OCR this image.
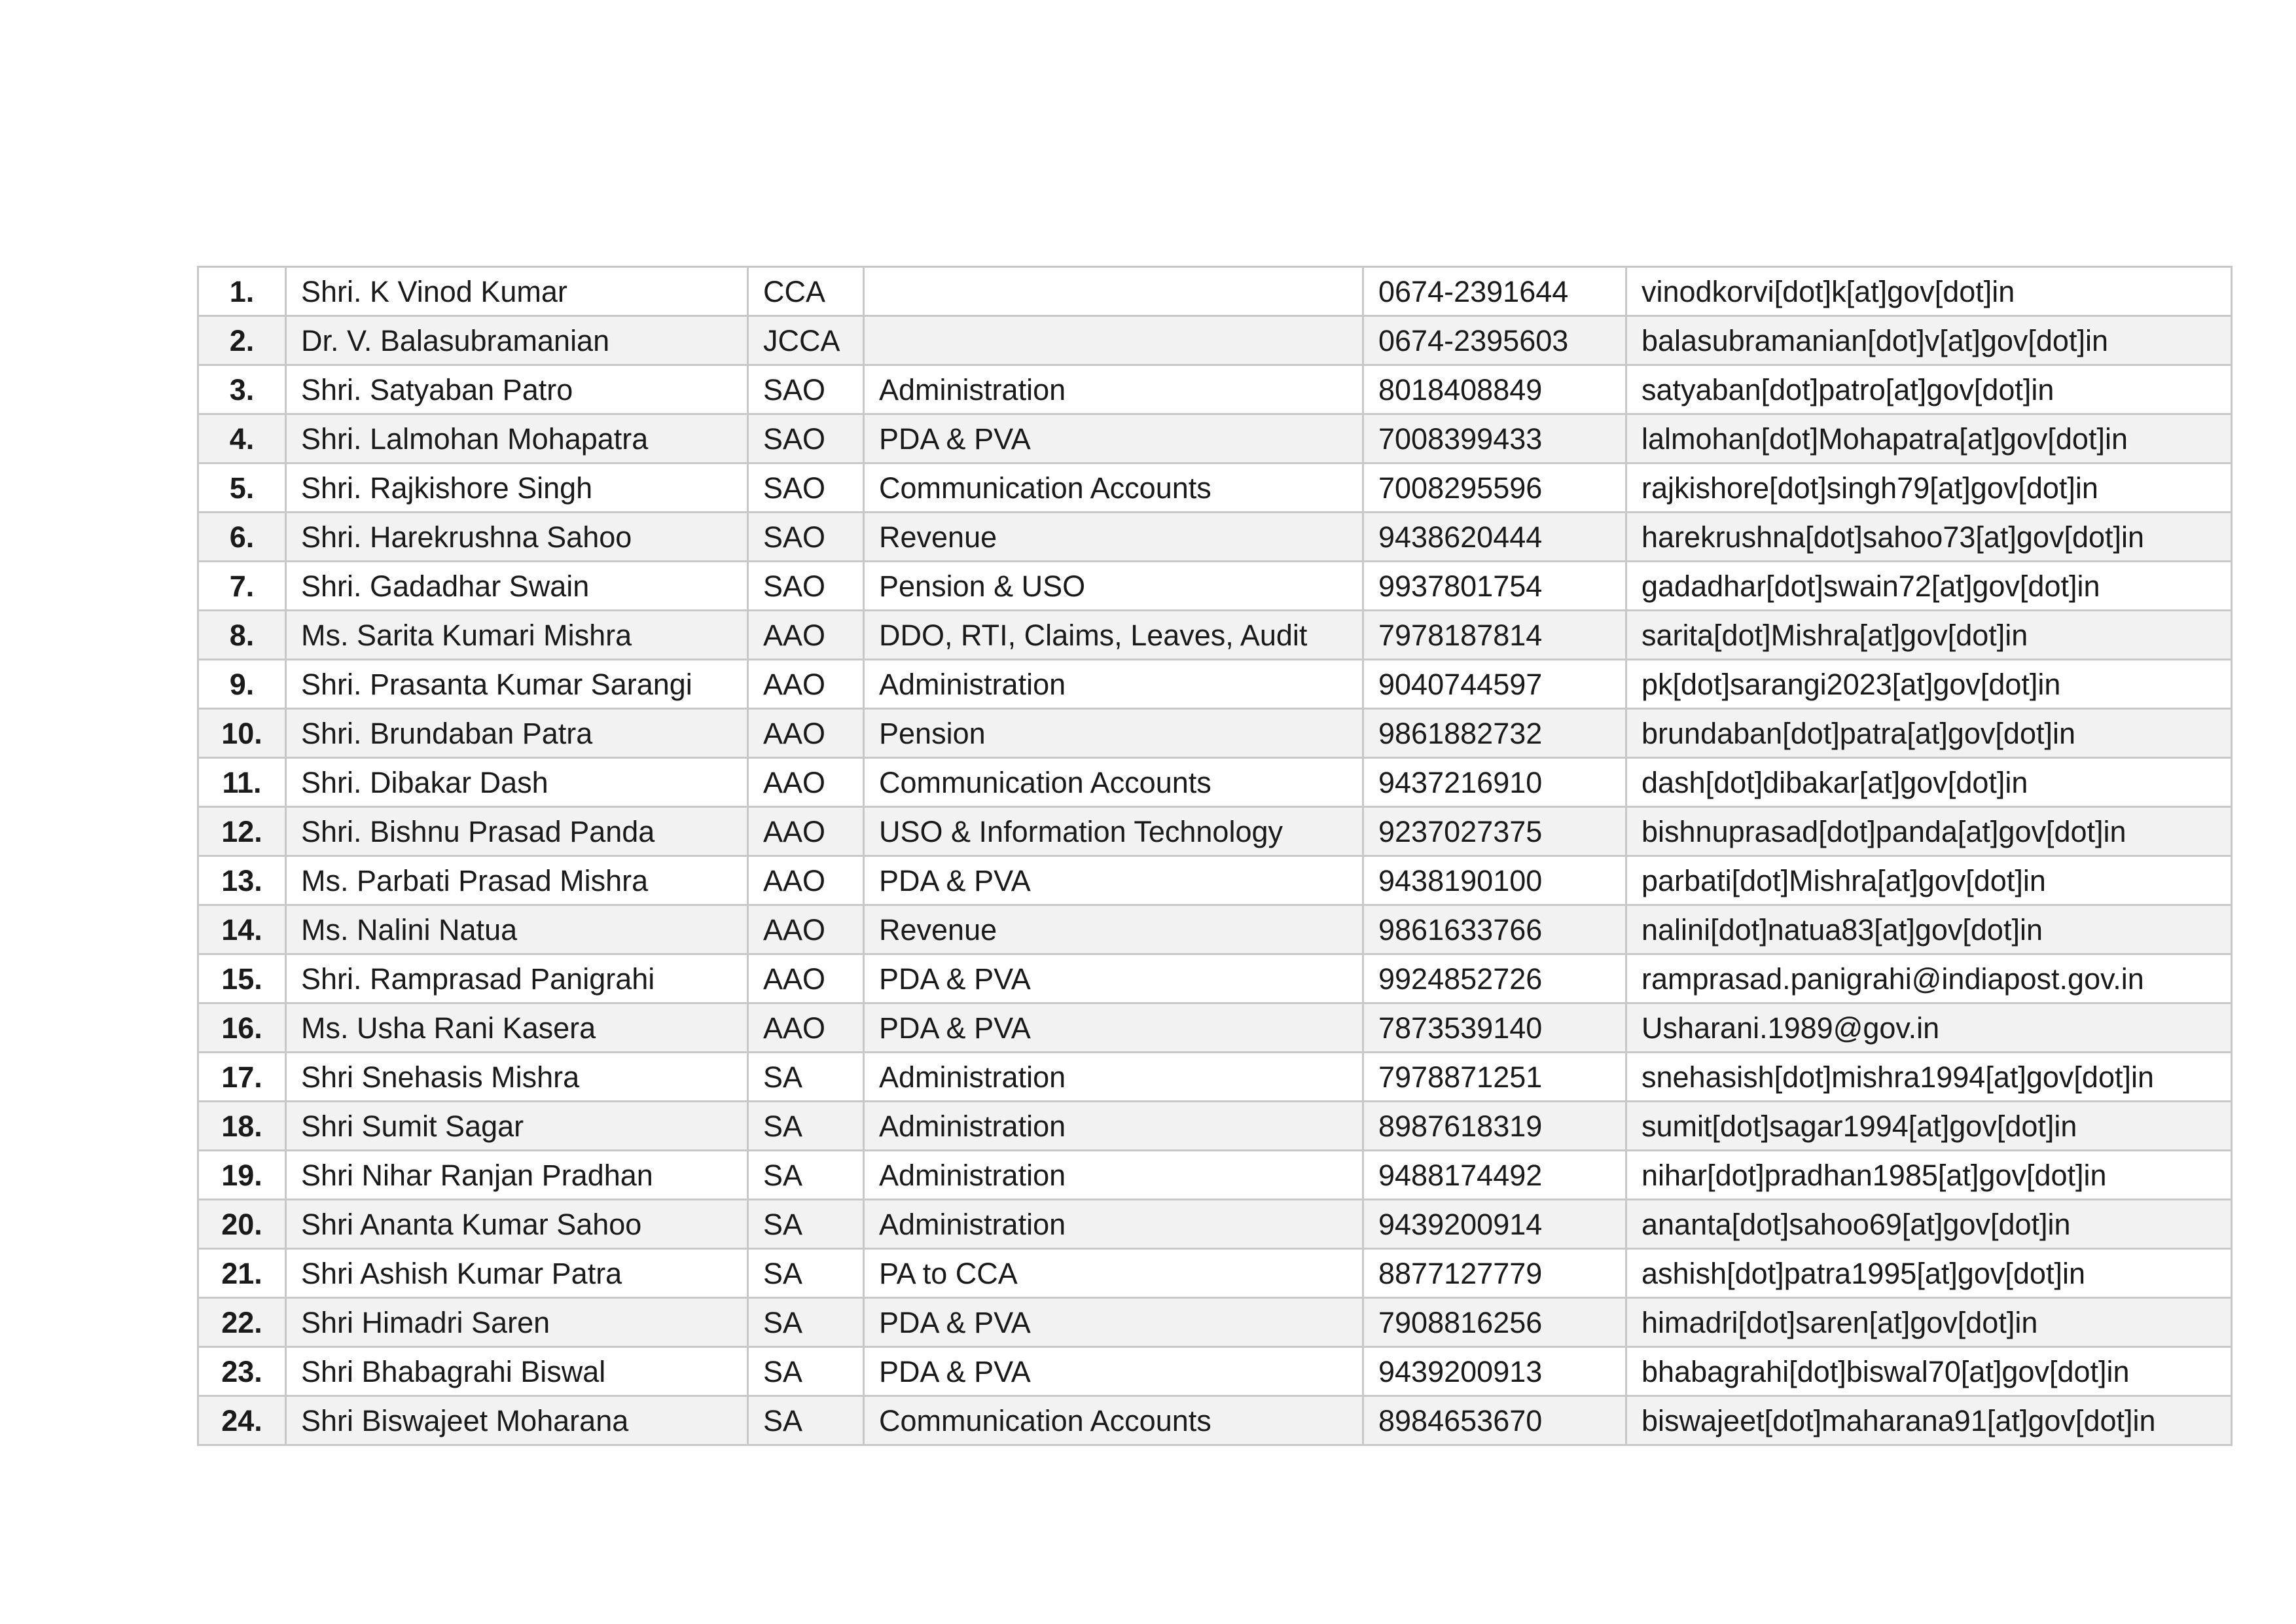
1.	Shri. K Vinod Kumar	CCA		0674-2391644	vinodkorvi[dot]k[at]gov[dot]in
2.	Dr. V. Balasubramanian	JCCA		0674-2395603	balasubramanian[dot]v[at]gov[dot]in
3.	Shri. Satyaban Patro	SAO	Administration	8018408849	satyaban[dot]patro[at]gov[dot]in
4.	Shri. Lalmohan Mohapatra	SAO	PDA & PVA	7008399433	lalmohan[dot]Mohapatra[at]gov[dot]in
5.	Shri. Rajkishore Singh	SAO	Communication Accounts	7008295596	rajkishore[dot]singh79[at]gov[dot]in
6.	Shri. Harekrushna Sahoo	SAO	Revenue	9438620444	harekrushna[dot]sahoo73[at]gov[dot]in
7.	Shri. Gadadhar Swain	SAO	Pension & USO	9937801754	gadadhar[dot]swain72[at]gov[dot]in
8.	Ms. Sarita Kumari Mishra	AAO	DDO, RTI, Claims, Leaves, Audit	7978187814	sarita[dot]Mishra[at]gov[dot]in
9.	Shri. Prasanta Kumar Sarangi	AAO	Administration	9040744597	pk[dot]sarangi2023[at]gov[dot]in
10.	Shri. Brundaban Patra	AAO	Pension	9861882732	brundaban[dot]patra[at]gov[dot]in
11.	Shri. Dibakar Dash	AAO	Communication Accounts	9437216910	dash[dot]dibakar[at]gov[dot]in
12.	Shri. Bishnu Prasad Panda	AAO	USO & Information Technology	9237027375	bishnuprasad[dot]panda[at]gov[dot]in
13.	Ms. Parbati Prasad Mishra	AAO	PDA & PVA	9438190100	parbati[dot]Mishra[at]gov[dot]in
14.	Ms. Nalini Natua	AAO	Revenue	9861633766	nalini[dot]natua83[at]gov[dot]in
15.	Shri. Ramprasad Panigrahi	AAO	PDA & PVA	9924852726	ramprasad.panigrahi@indiapost.gov.in
16.	Ms. Usha Rani Kasera	AAO	PDA & PVA	7873539140	Usharani.1989@gov.in
17.	Shri Snehasis Mishra	SA	Administration	7978871251	snehasish[dot]mishra1994[at]gov[dot]in
18.	Shri Sumit Sagar	SA	Administration	8987618319	sumit[dot]sagar1994[at]gov[dot]in
19.	Shri Nihar Ranjan Pradhan	SA	Administration	9488174492	nihar[dot]pradhan1985[at]gov[dot]in
20.	Shri Ananta Kumar Sahoo	SA	Administration	9439200914	ananta[dot]sahoo69[at]gov[dot]in
21.	Shri Ashish Kumar Patra	SA	PA to CCA	8877127779	ashish[dot]patra1995[at]gov[dot]in
22.	Shri Himadri Saren	SA	PDA & PVA	7908816256	himadri[dot]saren[at]gov[dot]in
23.	Shri Bhabagrahi Biswal	SA	PDA & PVA	9439200913	bhabagrahi[dot]biswal70[at]gov[dot]in
24.	Shri Biswajeet Moharana	SA	Communication Accounts	8984653670	biswajeet[dot]maharana91[at]gov[dot]in
